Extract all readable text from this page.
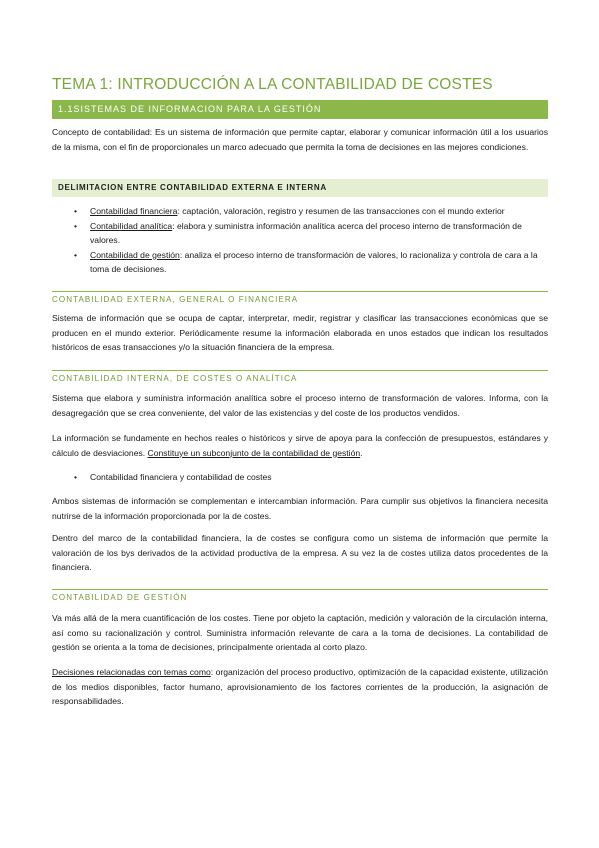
TEMA 1: INTRODUCCIÓN A LA CONTABILIDAD DE COSTES
1.1SISTEMAS DE INFORMACION PARA LA GESTIÓN

Concepto de contabilidad: Es un sistema de información que permite captar, elaborar y comunicar información útil a los usuarios de la misma, con el fin de proporcionales un marco adecuado que permita la toma de decisiones en las mejores condiciones.

DELIMITACION ENTRE CONTABILIDAD EXTERNA E INTERNA
• Contabilidad financiera: captación, valoración, registro y resumen de las transacciones con el mundo exterior
• Contabilidad analítica: elabora y suministra información analítica acerca del proceso interno de transformación de valores.
• Contabilidad de gestión: analiza el proceso interno de transformación de valores, lo racionaliza y controla de cara a la toma de decisiones.
CONTABILIDAD EXTERNA, GENERAL O FINANCIERA

Sistema de información que se ocupa de captar, interpretar, medir, registrar y clasificar las transacciones económicas que se producen en el mundo exterior. Periódicamente resume la información elaborada en unos estados que indican los resultados históricos de esas transacciones y/o la situación financiera de la empresa.

CONTABILIDAD INTERNA, DE COSTES O ANALÍTICA

Sistema que elabora y suministra información analítica sobre el proceso interno de transformación de valores. Informa, con la desagregación que se crea conveniente, del valor de las existencias y del coste de los productos vendidos.

La información se fundamente en hechos reales o históricos y sirve de apoya para la confección de presupuestos, estándares y cálculo de desviaciones. Constituye un subconjunto de la contabilidad de gestión.

• Contabilidad financiera y contabilidad de costes

Ambos sistemas de información se complementan e intercambian información. Para cumplir sus objetivos la financiera necesita nutrirse de la información proporcionada por la de costes.

Dentro del marco de la contabilidad financiera, la de costes se configura como un sistema de información que permite la valoración de los bys derivados de la actividad productiva de la empresa. A su vez la de costes utiliza datos procedentes de la financiera.

CONTABILIDAD DE GESTIÓN

Va más allá de la mera cuantificación de los costes. Tiene por objeto la captación, medición y valoración de la circulación interna, así como su racionalización y control. Suministra información relevante de cara a la toma de decisiones. La contabilidad de gestión se orienta a la toma de decisiones, principalmente orientada al corto plazo.

Decisiones relacionadas con temas como: organización del proceso productivo, optimización de la capacidad existente, utilización de los medios disponibles, factor humano, aprovisionamiento de los factores corrientes de la producción, la asignación de responsabilidades.
